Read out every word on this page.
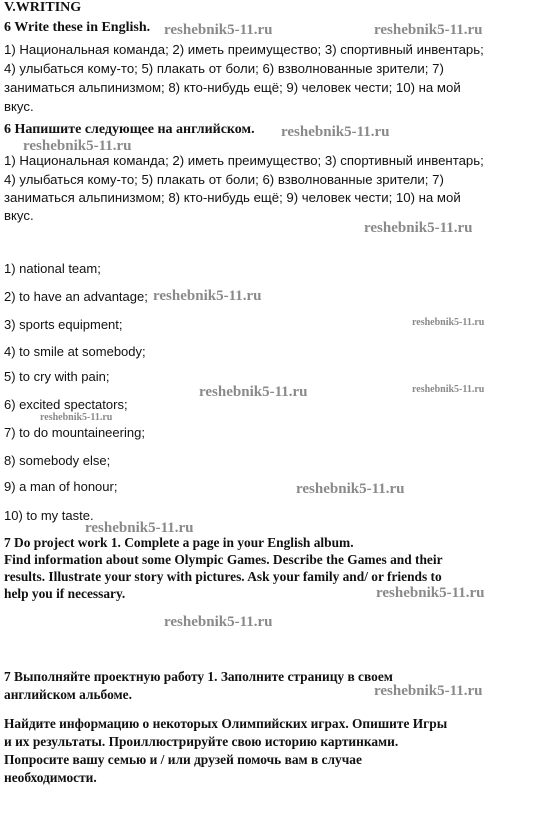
V.WRITING
6 Write these in English.
1) Национальная команда; 2) иметь преимущество; 3) спортивный инвентарь;
4) улыбаться кому-то; 5) плакать от боли; 6) взволнованные зрители; 7)
заниматься альпинизмом; 8) кто-нибудь ещё; 9) человек чести; 10) на мой
вкус.
6 Напишите следующее на английском.
1) Национальная команда; 2) иметь преимущество; 3) спортивный инвентарь;
4) улыбаться кому-то; 5) плакать от боли; 6) взволнованные зрители; 7)
заниматься альпинизмом; 8) кто-нибудь ещё; 9) человек чести; 10) на мой
вкус.
1) national team;
2) to have an advantage;
3) sports equipment;
4) to smile at somebody;
5) to cry with pain;
6) excited spectators;
7) to do mountaineering;
8) somebody else;
9) a man of honour;
10) to my taste.
7 Do project work 1. Complete a page in your English album.
Find information about some Olympic Games. Describe the Games and their
results. Illustrate your story with pictures. Ask your family and/ or friends to
help you if necessary.
7 Выполняйте проектную работу 1. Заполните страницу в своем
английском альбоме.
Найдите информацию о некоторых Олимпийских играх. Опишите Игры
и их результаты. Проиллюстрируйте свою историю картинками.
Попросите вашу семью и / или друзей помочь вам в случае
необходимости.
reshebnik5-11.ru	reshebnik5-11.ru
reshebnik5-11.ru
reshebnik5-11.ru
reshebnik5-11.ru
reshebnik5-11.ru
reshebnik5-11.ru
reshebnik5-11.ru	reshebnik5-11.ru
reshebnik5-11.ru
reshebnik5-11.ru
reshebnik5-11.ru
reshebnik5-11.ru
reshebnik5-11.ru
reshebnik5-11.ru
